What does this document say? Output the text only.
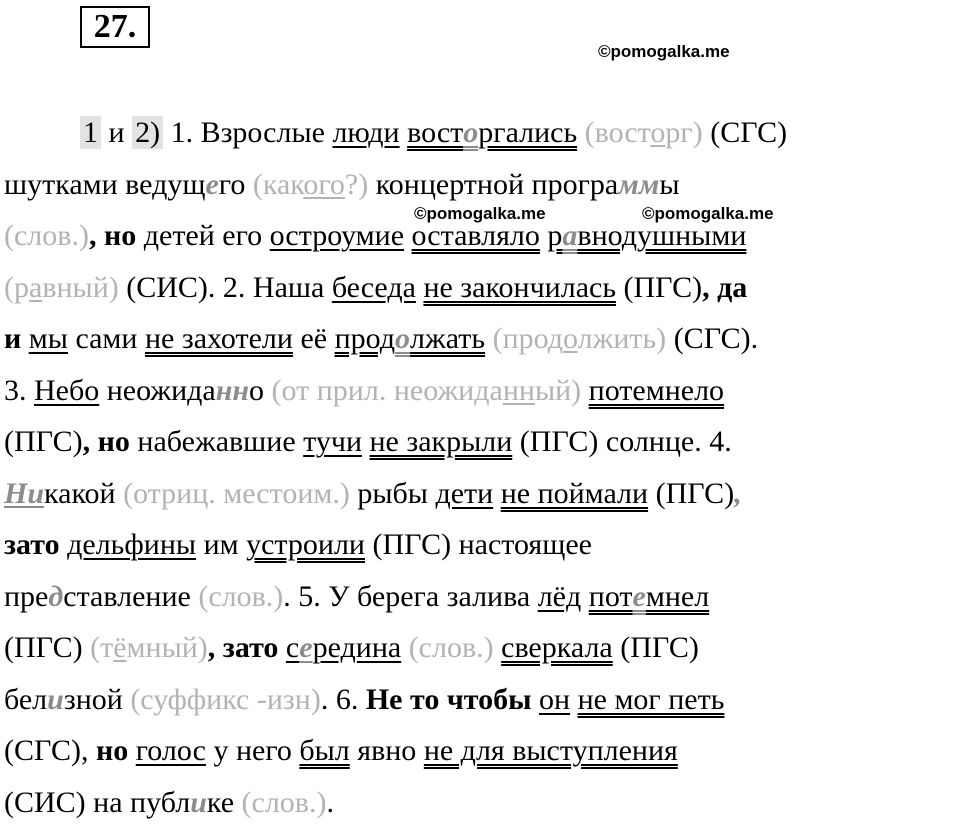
27.
©pomogalka.me
©pomogalka.me	©pomogalka.me
1 и 2) 1. Взрослые люди восторгались (восторг) (СГС)
шутками ведущего (какого?) концертной программы
(слов.), но детей его остроумие оставляло равнодушными
(равный) (СИС). 2. Наша беседа не закончилась (ПГС), да
и мы сами не захотели её продолжать (продолжить) (СГС).
3. Небо неожиданно (от прил. неожиданный) потемнело
(ПГС), но набежавшие тучи не закрыли (ПГС) солнце. 4.
Никакой (отриц. местоим.) рыбы дети не поймали (ПГС),
зато дельфины им устроили (ПГС) настоящее
представление (слов.). 5. У берега залива лёд потемнел
(ПГС) (тёмный), зато середина (слов.) сверкала (ПГС)
белизной (суффикс -изн). 6. Не то чтобы он не мог петь
(СГС), но голос у него был явно не для выступления
(СИС) на публике (слов.).
